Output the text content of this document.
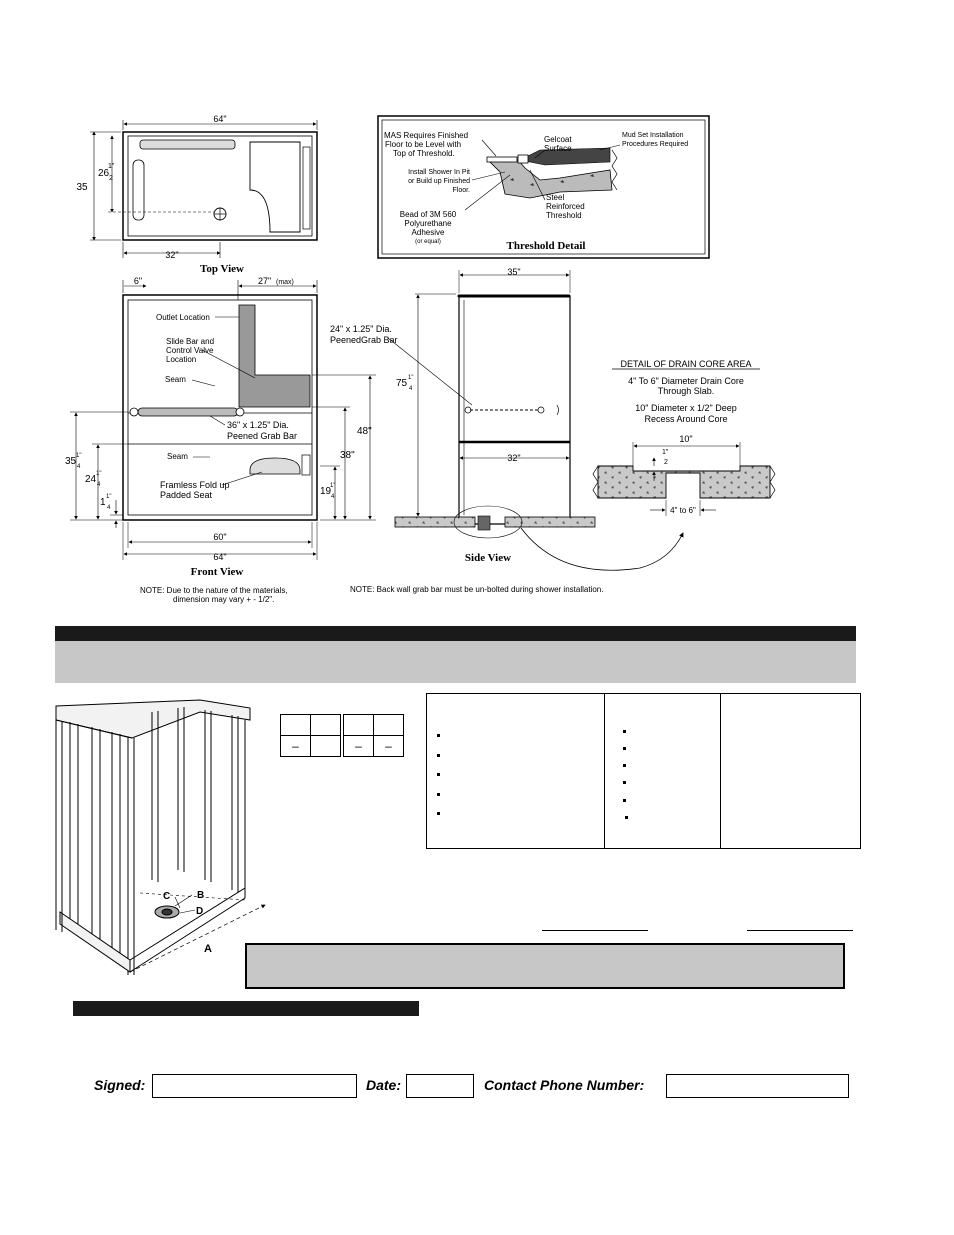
64"
32"
35
26
1"
2
Top View
MAS Requires Finished
Floor to be Level with
Top of Threshold.
Install Shower In Pit
or Build up Finished
Floor.
Bead of 3M 560
Polyurethane
Adhesive
(or equal)
Gelcoat
Surface
Mud Set Installation
Procedures Required
Steel
Reinforced
Threshold
Threshold Detail
6"	27" (max)
Outlet Location
Slide Bar and
Control Valve
Location
Seam
36" x 1.25" Dia.
Peened Grab Bar
Seam
Framless Fold up
Padded Seat
48"
38"
19
1"
4
35 1"
4
24 1"
4
1 1"
4
60"
64"
Front View
35"
24" x 1.25" Dia.
PeenedGrab Bar
75 1"
4
32"
Side View
DETAIL OF DRAIN CORE AREA
4" To 6" Diameter Drain Core
Through Slab.
10" Diameter x 1/2" Deep
Recess Around Core
10"
1"
2
4" to 6"
NOTE: Due to the nature of the materials,
dimension may vary + - 1/2".
NOTE: Back wall grab bar must be un-bolted during shower installation.
A
B
C
D

–			–	–
Signed:	Date:	Contact Phone Number:
